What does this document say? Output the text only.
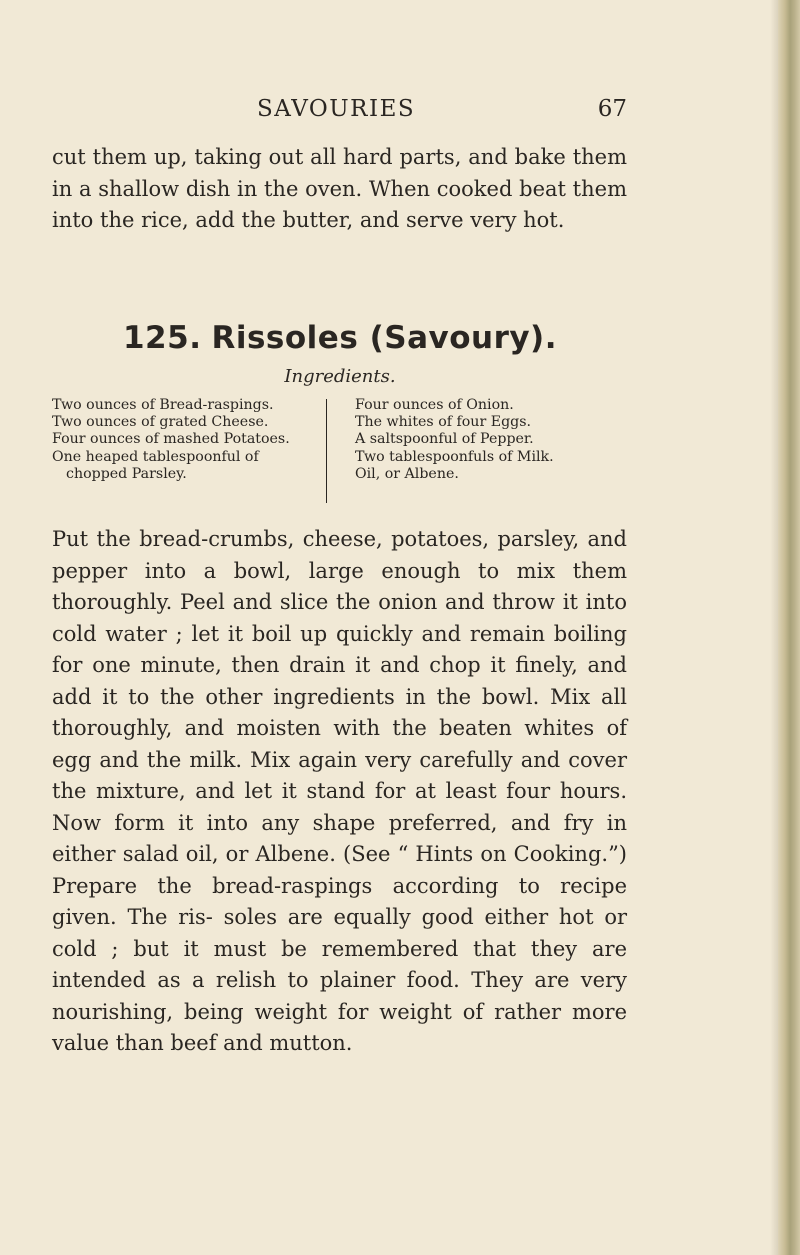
SAVOURIES	67

cut them up, taking out all hard parts, and bake them in a shallow dish in the oven. When cooked beat them into the rice, add the butter, and serve very hot.

125. Rissoles (Savoury).

Ingredients.

Two ounces of Bread-raspings.
Two ounces of grated Cheese.
Four ounces of mashed Potatoes.
One heaped tablespoonful of
chopped Parsley.
Four ounces of Onion.
The whites of four Eggs.
A saltspoonful of Pepper.
Two tablespoonfuls of Milk.
Oil, or Albene.

Put the bread-crumbs, cheese, potatoes, parsley, and pepper into a bowl, large enough to mix them thoroughly. Peel and slice the onion and throw it into cold water ; let it boil up quickly and remain boiling for one minute, then drain it and chop it finely, and add it to the other ingredients in the bowl. Mix all thoroughly, and moisten with the beaten whites of egg and the milk. Mix again very carefully and cover the mixture, and let it stand for at least four hours. Now form it into any shape preferred, and fry in either salad oil, or Albene. (See “ Hints on Cooking.”) Prepare the bread-raspings according to recipe given. The ris- soles are equally good either hot or cold ; but it must be remembered that they are intended as a relish to plainer food. They are very nourishing, being weight for weight of rather more value than beef and mutton.
